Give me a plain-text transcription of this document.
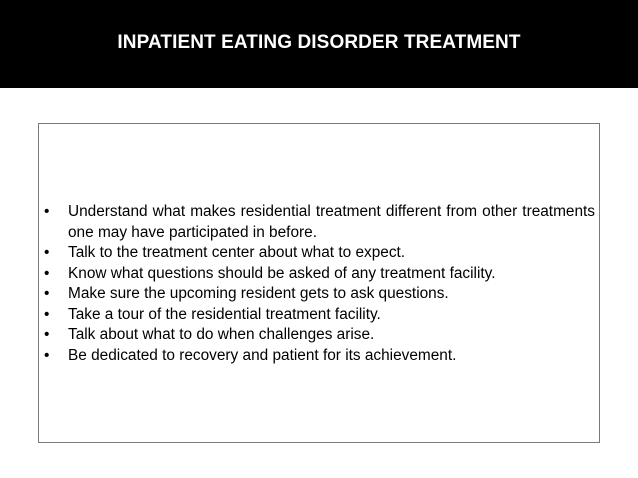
INPATIENT EATING DISORDER TREATMENT
• Understand what makes residential treatment different from other treatments one may have participated in before.
• Talk to the treatment center about what to expect.
• Know what questions should be asked of any treatment facility.
• Make sure the upcoming resident gets to ask questions.
• Take a tour of the residential treatment facility.
• Talk about what to do when challenges arise.
• Be dedicated to recovery and patient for its achievement.
